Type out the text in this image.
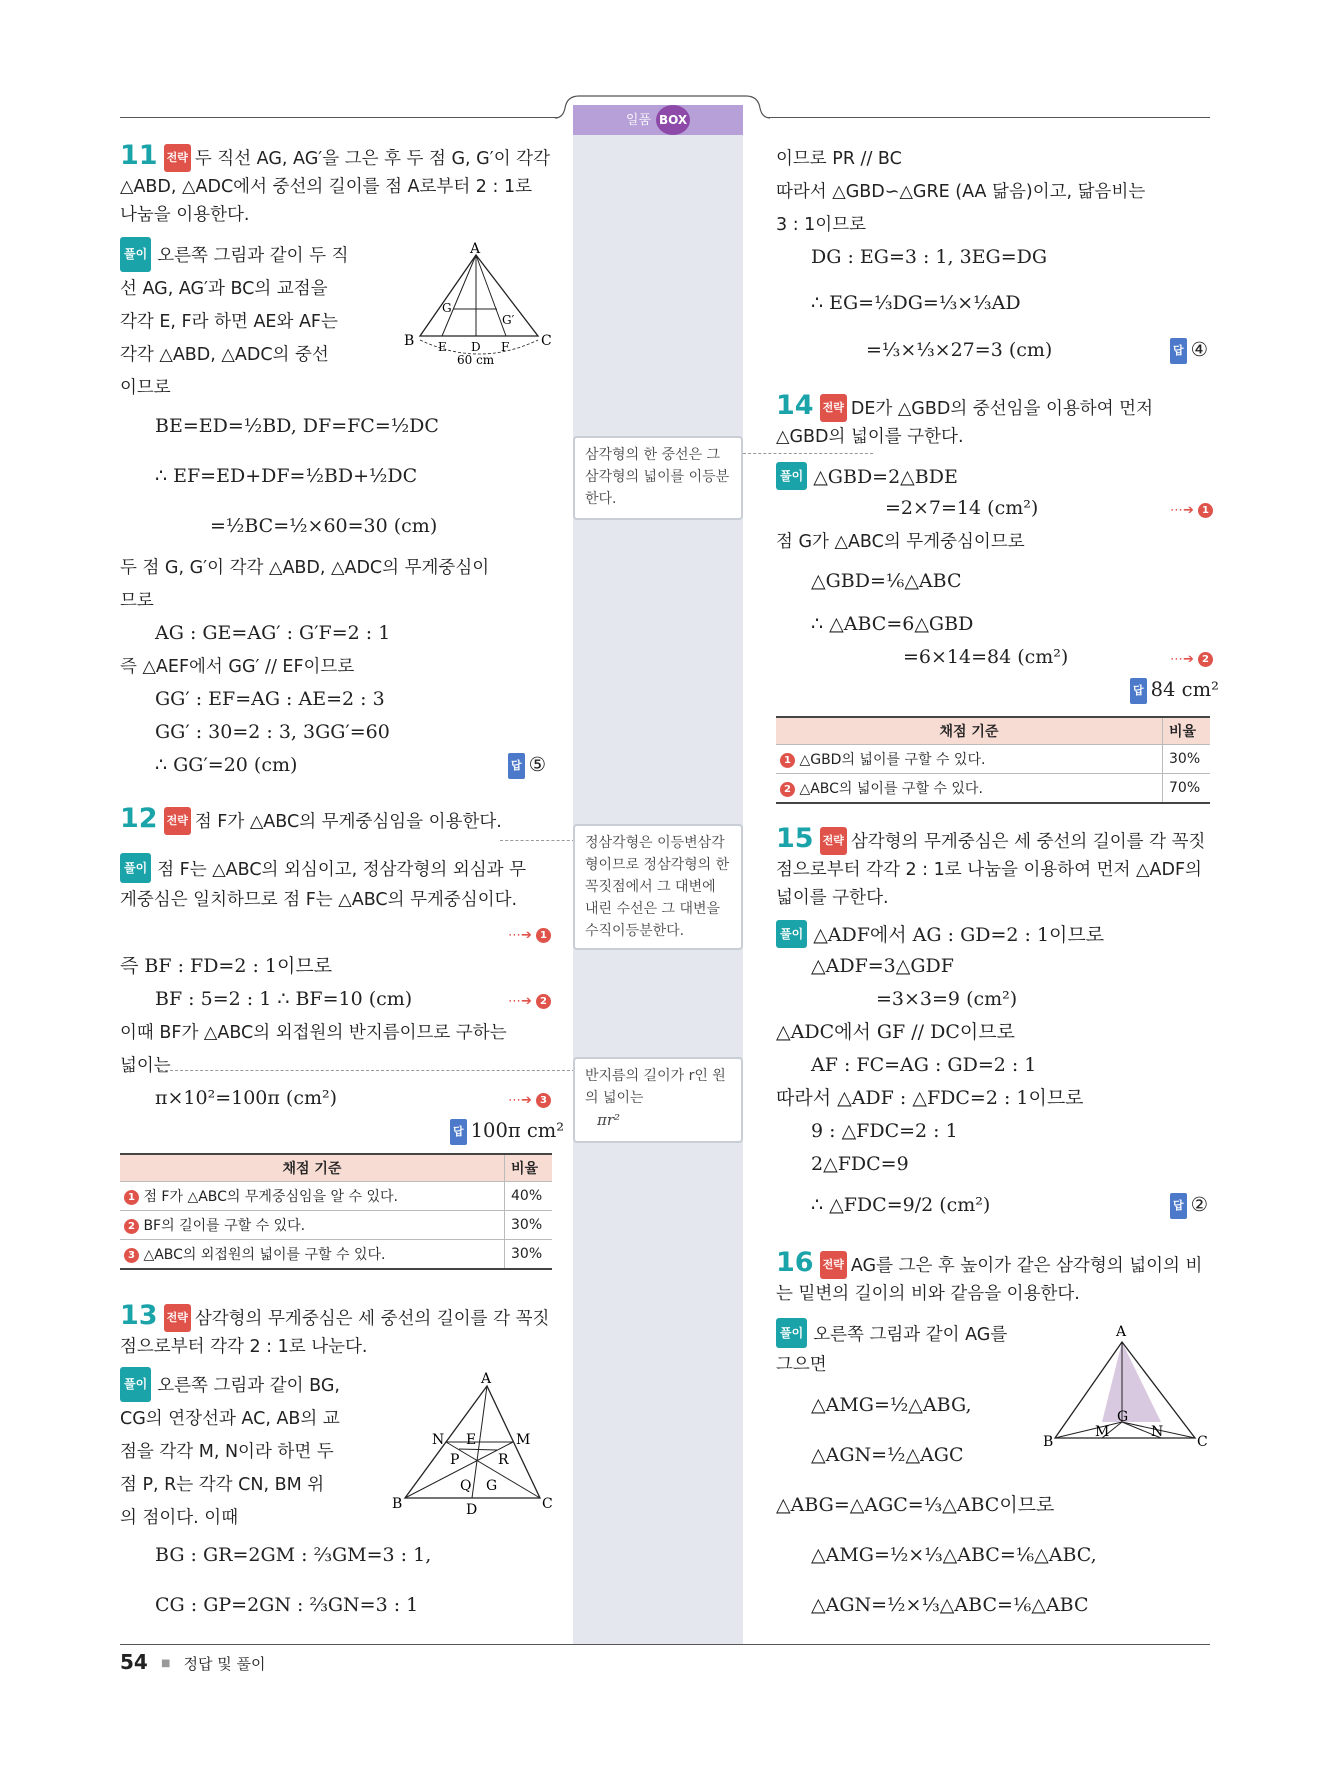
일품 BOX
11 전략 두 직선 AG, AG′을 그은 후 두 점 G, G′이 각각 △ABD, △ADC에서 중선의 길이를 점 A로부터 2 : 1로 나눔을 이용한다.
풀이 오른쪽 그림과 같이 두 직
선 AG, AG′과 BC의 교점을
각각 E, F라 하면 AE와 AF는
각각 △ABD, △ADC의 중선
이므로
A
B	C
G
G′
E D F
60 cm
BE=ED=½BD, DF=FC=½DC
∴ EF=ED+DF=½BD+½DC
=½BC=½×60=30 (cm)
두 점 G, G′이 각각 △ABD, △ADC의 무게중심이
므로
AG : GE=AG′ : G′F=2 : 1
즉 △AEF에서 GG′ // EF이므로
GG′ : EF=AG : AE=2 : 3
GG′ : 30=2 : 3, 3GG′=60
∴ GG′=20 (cm)	답 ⑤
12 전략 점 F가 △ABC의 무게중심임을 이용한다.
풀이 점 F는 △ABC의 외심이고, 정삼각형의 외심과 무
게중심은 일치하므로 점 F는 △ABC의 무게중심이다.
⋯➔ 1
즉 BF : FD=2 : 1이므로
BF : 5=2 : 1 ∴ BF=10 (cm)	⋯➔ 2
이때 BF가 △ABC의 외접원의 반지름이므로 구하는
넓이는
π×10²=100π (cm²)	⋯➔ 3
답 100π cm²
채점 기준	비율
1 점 F가 △ABC의 무게중심임을 알 수 있다.	40%
2 BF의 길이를 구할 수 있다.	30%
3 △ABC의 외접원의 넓이를 구할 수 있다.	30%
13 전략 삼각형의 무게중심은 세 중선의 길이를 각 꼭짓점으로부터 각각 2 : 1로 나눈다.
풀이 오른쪽 그림과 같이 BG,
CG의 연장선과 AC, AB의 교
점을 각각 M, N이라 하면 두
점 P, R는 각각 CN, BM 위
의 점이다. 이때
A
B	C
D
N	M
E
P	R
Q G
BG : GR=2GM : ⅔GM=3 : 1,
CG : GP=2GN : ⅔GN=3 : 1
삼각형의 한 중선은 그 삼각형의 넓이를 이등분한다.
정삼각형은 이등변삼각형이므로 정삼각형의 한 꼭짓점에서 그 대변에 내린 수선은 그 대변을 수직이등분한다.
반지름의 길이가 r인 원의 넓이는
πr²
이므로 PR // BC
따라서 △GBD∽△GRE (AA 닮음)이고, 닮음비는
3 : 1이므로
DG : EG=3 : 1, 3EG=DG
∴ EG=⅓DG=⅓×⅓AD
=⅓×⅓×27=3 (cm)	답 ④
14 전략 DE가 △GBD의 중선임을 이용하여 먼저 △GBD의 넓이를 구한다.
풀이 △GBD=2△BDE
=2×7=14 (cm²)	⋯➔ 1
점 G가 △ABC의 무게중심이므로
△GBD=⅙△ABC
∴ △ABC=6△GBD
=6×14=84 (cm²)	⋯➔ 2
답 84 cm²
채점 기준	비율
1 △GBD의 넓이를 구할 수 있다.	30%
2 △ABC의 넓이를 구할 수 있다.	70%
15 전략 삼각형의 무게중심은 세 중선의 길이를 각 꼭짓점으로부터 각각 2 : 1로 나눔을 이용하여 먼저 △ADF의 넓이를 구한다.
풀이 △ADF에서 AG : GD=2 : 1이므로
△ADF=3△GDF
=3×3=9 (cm²)
△ADC에서 GF // DC이므로
AF : FC=AG : GD=2 : 1
따라서 △ADF : △FDC=2 : 1이므로
9 : △FDC=2 : 1
2△FDC=9
∴ △FDC=9/2 (cm²)	답 ②
16 전략 AG를 그은 후 높이가 같은 삼각형의 넓이의 비는 밑변의 길이의 비와 같음을 이용한다.
풀이 오른쪽 그림과 같이 AG를
그으면
A
B	C
G
M	N
△AMG=½△ABG,
△AGN=½△AGC
△ABG=△AGC=⅓△ABC이므로
△AMG=½×⅓△ABC=⅙△ABC,
△AGN=½×⅓△ABC=⅙△ABC
54 ■ 정답 및 풀이
